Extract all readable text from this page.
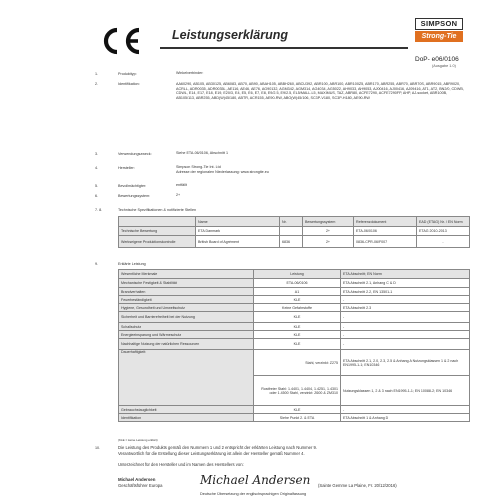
Leistungserklärung
SIMPSON
Strong-Tie
DoP- e06/0106
(Ausgabe 1.0)
1.	Produkttyp:	Winkelverbinder:
2.	Identifikation:	AA60290, AB105, AB30125, AB6083, AB70, AB90, ABAH105, ABBH260, ABCU392, ABR100, ABR100, ABR100Z5, ABR170, ABR255, ABR70, ABR70S, ABR9015, ABR9020, ACRLL, ADR0035, ADR0035L, AE116, AE46, AE76, AG90132, AGM342, AGM314, AG4034, AG5022, AH9033, AH9053, AJ00416, AJ00416, AJ09416, AT1, AT2, BN2/0, CDWB, CDWL, E14, E17, E18, E19, E20/3, E4, E5, E6, E7, E8, E9/2.5, E9/2.5, EL5/MALL.L5, MAXIMUS, TAZ, ABR80, ACFE7290, ACFE7290FP, AHP, AJ-socket, ABR100B, AB105/113, ABR255, ABD(W)45/180, ABTR, ACR155, AE90-RW, ABO(W)45/106, SC3P-V180, SC3P-H180, AE90-RW
3.	Verwendungszweck:	Siehe ETA-06/0106, Abschnitt 1
4.	Hersteller:	Simpson Strong-Tie Int. Ltd
Adresse der regionalen Niederlassung: www.strongtie.eu
5.	Bevollmächtigter:	entfällt
6.	Bewertungssystem:	2+
7. 8.	Technische Spezifikationen & notifizierte Stellen
	Name	Nr.	Bewertungssystem	Referenzdokument	EAD (ETAG) Nr. / EN Norm
Technische Bewertung	ETA Danmark		2+	ETA-06/0106	ETAG 2010-2013
Werkseigene Produktionskontrolle	British Board of Agrément	6836	2+	0836-CPR-06/F007	-
9.	Erklärte Leistung
Wesentliche Merkmale	Leistung	ETA Abschnitt; EN Norm
Mechanische Festigkeit & Stabilität	ETA-06/0106	ETA Abschnitt 2.1, Anhang C & D
Brandverhalten	A1	ETA Abschnitt 2.2, EN 13501-1
Feuerbeständigkeit	KLE	-
Hygiene, Gesundheit und Umweltschutz	Keine Gefahrstoffe	ETA Abschnitt 2.3
Sicherheit und Barrierefreiheit bei der Nutzung	KLE	-
Schallschutz	KLE	-
Energieeinsparung und Wärmeschutz	KLE	-
Nachhaltige Nutzung der natürlichen Ressourcen	KLE	-
Dauerhaftigkeit:	Stahl, verzinkt: Z275	ETA Abschnitt 2.1, 2.0, 2.3, 2.5 & Anhang A Nutzungsklassen 1 & 2 nach EN1995-1-1; EN10346
	Rostfreier Stahl: 1.4401, 1.4404, 1.4251, 1.4301 oder 1.4500 Stahl, verzinkt: Z600 & ZM310	Nutzungsklassen 1, 2 & 3 nach EN1995-1-1; EN 10088-2; EN 10346
Gebrauchstauglichkeit	KLE	-
Identifikation	Siehe Punkt 2. & ETA	ETA Abschnitt 1 & Anhang D
(KLE = keine Leistung erklärt)
10.	Die Leistung des Produkts gemäß den Nummern 1 und 2 entspricht der erklärten Leistung nach Nummer 9.
Verantwortlich für die Erstellung dieser Leistungserklärung ist allein der Hersteller gemäß Nummer 4.
Unterzeichnet für den Hersteller und im Namen des Herstellers von:
Michael Andersen
Geschäftsführer Europa	Michael Andersen (Sainte Gemme La Plaine, Fr. 20/12/2016)
Deutsche Übersetzung der englischsprachigen Originalfassung
